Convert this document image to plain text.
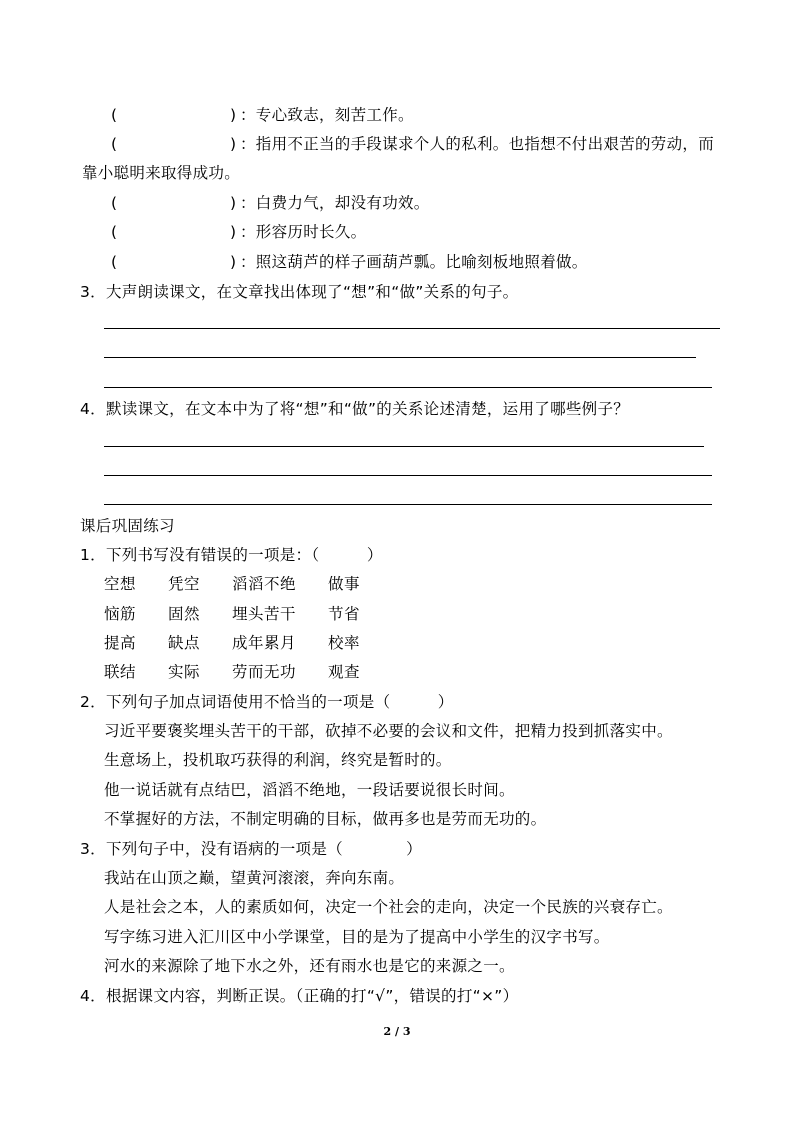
(	) ：专心致志，刻苦工作。
(	) ：指用不正当的手段谋求个人的私利。也指想不付出艰苦的劳动，而
靠小聪明来取得成功。
(	) ：白费力气，却没有功效。
(	) ：形容历时长久。
(	) ：照这葫芦的样子画葫芦瓢。比喻刻板地照着做。
3．大声朗读课文，在文章找出体现了“想”和“做”关系的句子。
4．默读课文，在文本中为了将“想”和“做”的关系论述清楚，运用了哪些例子？
课后巩固练习
1．下列书写没有错误的一项是：（　　　）
空想 凭空 滔滔不绝 做事
恼筋 固然 埋头苦干 节省
提高 缺点 成年累月 校率
联结 实际 劳而无功 观查
2．下列句子加点词语使用不恰当的一项是（　　　）
习近平要褒奖埋头苦干的干部，砍掉不必要的会议和文件，把精力投到抓落实中。
生意场上，投机取巧获得的利润，终究是暂时的。
他一说话就有点结巴，滔滔不绝地，一段话要说很长时间。
不掌握好的方法，不制定明确的目标，做再多也是劳而无功的。
3．下列句子中，没有语病的一项是（　　　　）
我站在山顶之巅，望黄河滚滚，奔向东南。
人是社会之本，人的素质如何，决定一个社会的走向，决定一个民族的兴衰存亡。
写字练习进入汇川区中小学课堂，目的是为了提高中小学生的汉字书写。
河水的来源除了地下水之外，还有雨水也是它的来源之一。
4．根据课文内容，判断正误。（正确的打“√”，错误的打“×”）
2 / 3
